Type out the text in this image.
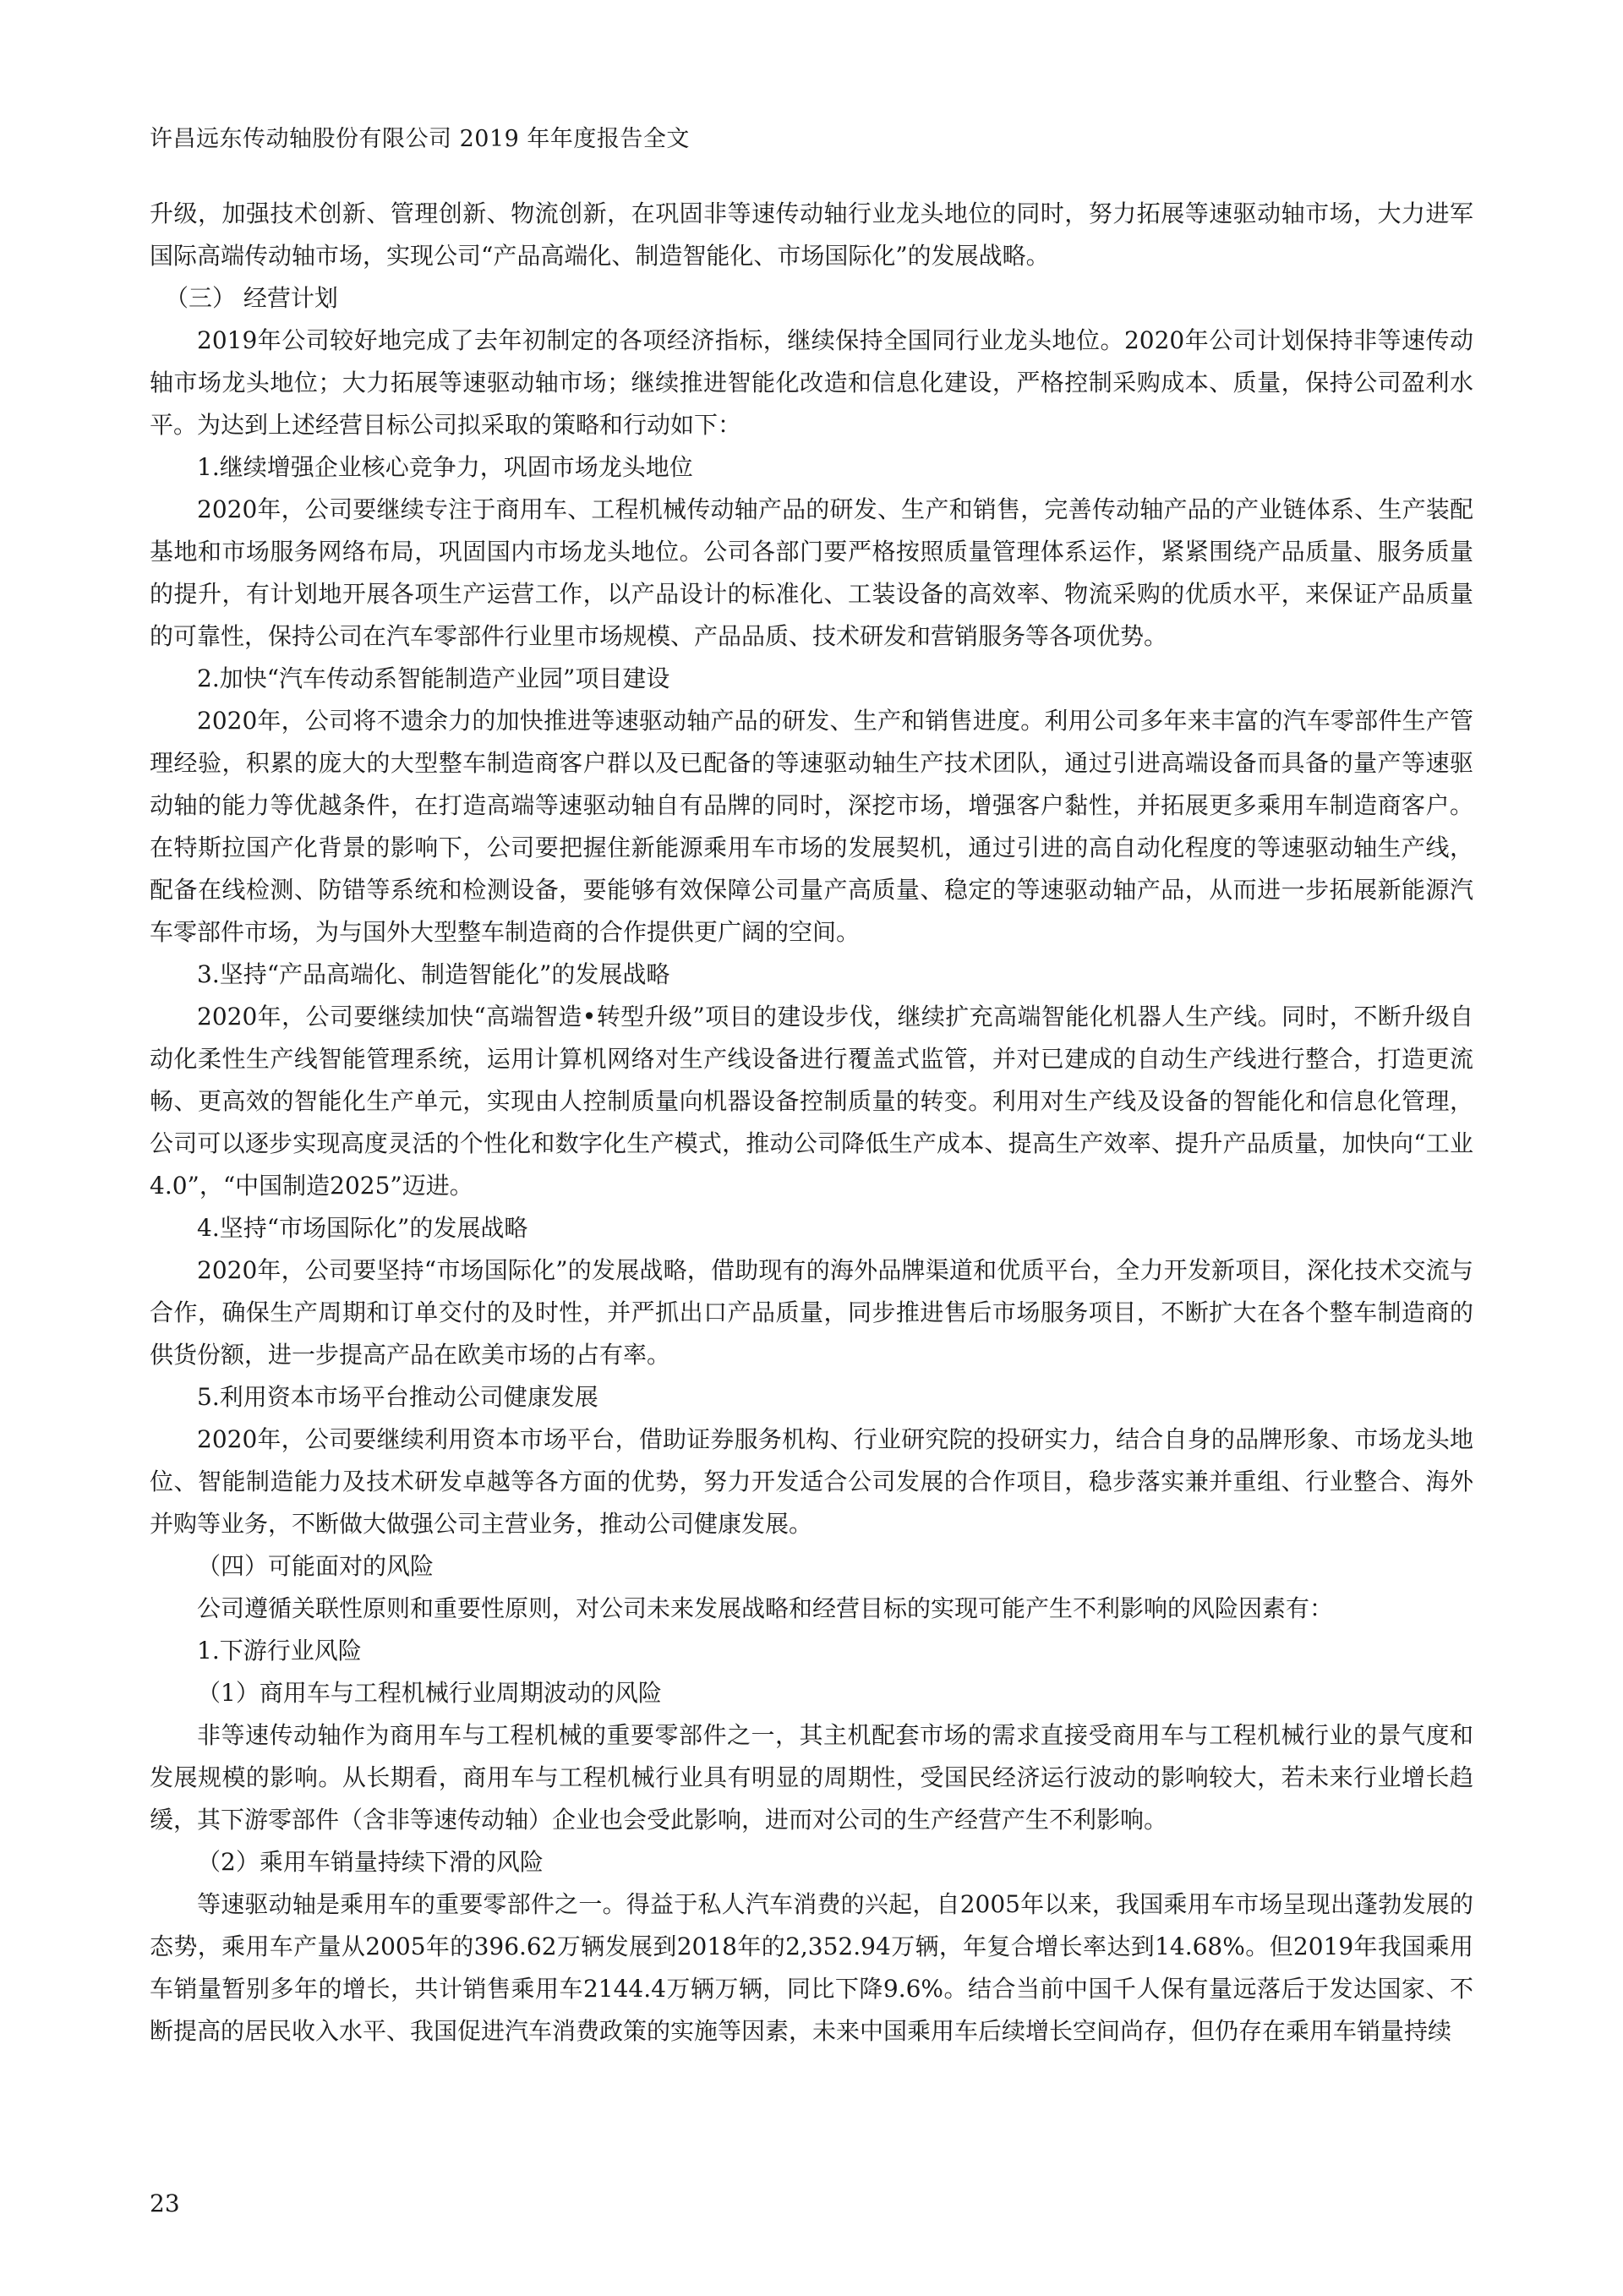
许昌远东传动轴股份有限公司 2019 年年度报告全文

升级，加强技术创新、管理创新、物流创新，在巩固非等速传动轴行业龙头地位的同时，努力拓展等速驱动轴市场，大力进军国际高端传动轴市场，实现公司“产品高端化、制造智能化、市场国际化”的发展战略。

（三） 经营计划

2019年公司较好地完成了去年初制定的各项经济指标，继续保持全国同行业龙头地位。2020年公司计划保持非等速传动轴市场龙头地位；大力拓展等速驱动轴市场；继续推进智能化改造和信息化建设，严格控制采购成本、质量，保持公司盈利水平。为达到上述经营目标公司拟采取的策略和行动如下：

1.继续增强企业核心竞争力，巩固市场龙头地位

2020年，公司要继续专注于商用车、工程机械传动轴产品的研发、生产和销售，完善传动轴产品的产业链体系、生产装配基地和市场服务网络布局，巩固国内市场龙头地位。公司各部门要严格按照质量管理体系运作，紧紧围绕产品质量、服务质量的提升，有计划地开展各项生产运营工作，以产品设计的标准化、工装设备的高效率、物流采购的优质水平，来保证产品质量的可靠性，保持公司在汽车零部件行业里市场规模、产品品质、技术研发和营销服务等各项优势。

2.加快“汽车传动系智能制造产业园”项目建设

2020年，公司将不遗余力的加快推进等速驱动轴产品的研发、生产和销售进度。利用公司多年来丰富的汽车零部件生产管理经验，积累的庞大的大型整车制造商客户群以及已配备的等速驱动轴生产技术团队，通过引进高端设备而具备的量产等速驱动轴的能力等优越条件，在打造高端等速驱动轴自有品牌的同时，深挖市场，增强客户黏性，并拓展更多乘用车制造商客户。在特斯拉国产化背景的影响下，公司要把握住新能源乘用车市场的发展契机，通过引进的高自动化程度的等速驱动轴生产线，配备在线检测、防错等系统和检测设备，要能够有效保障公司量产高质量、稳定的等速驱动轴产品，从而进一步拓展新能源汽车零部件市场，为与国外大型整车制造商的合作提供更广阔的空间。

3.坚持“产品高端化、制造智能化”的发展战略

2020年，公司要继续加快“高端智造•转型升级”项目的建设步伐，继续扩充高端智能化机器人生产线。同时，不断升级自动化柔性生产线智能管理系统，运用计算机网络对生产线设备进行覆盖式监管，并对已建成的自动生产线进行整合，打造更流畅、更高效的智能化生产单元，实现由人控制质量向机器设备控制质量的转变。利用对生产线及设备的智能化和信息化管理，公司可以逐步实现高度灵活的个性化和数字化生产模式，推动公司降低生产成本、提高生产效率、提升产品质量，加快向“工业4.0”，“中国制造2025”迈进。

4.坚持“市场国际化”的发展战略

2020年，公司要坚持“市场国际化”的发展战略，借助现有的海外品牌渠道和优质平台，全力开发新项目，深化技术交流与合作，确保生产周期和订单交付的及时性，并严抓出口产品质量，同步推进售后市场服务项目，不断扩大在各个整车制造商的供货份额，进一步提高产品在欧美市场的占有率。

5.利用资本市场平台推动公司健康发展

2020年，公司要继续利用资本市场平台，借助证券服务机构、行业研究院的投研实力，结合自身的品牌形象、市场龙头地位、智能制造能力及技术研发卓越等各方面的优势，努力开发适合公司发展的合作项目，稳步落实兼并重组、行业整合、海外并购等业务，不断做大做强公司主营业务，推动公司健康发展。

（四）可能面对的风险

公司遵循关联性原则和重要性原则，对公司未来发展战略和经营目标的实现可能产生不利影响的风险因素有：

1.下游行业风险

（1）商用车与工程机械行业周期波动的风险

非等速传动轴作为商用车与工程机械的重要零部件之一，其主机配套市场的需求直接受商用车与工程机械行业的景气度和发展规模的影响。从长期看，商用车与工程机械行业具有明显的周期性，受国民经济运行波动的影响较大，若未来行业增长趋缓，其下游零部件（含非等速传动轴）企业也会受此影响，进而对公司的生产经营产生不利影响。

（2）乘用车销量持续下滑的风险

等速驱动轴是乘用车的重要零部件之一。得益于私人汽车消费的兴起，自2005年以来，我国乘用车市场呈现出蓬勃发展的态势，乘用车产量从2005年的396.62万辆发展到2018年的2,352.94万辆，年复合增长率达到14.68%。但2019年我国乘用车销量暂别多年的增长，共计销售乘用车2144.4万辆万辆，同比下降9.6%。结合当前中国千人保有量远落后于发达国家、不断提高的居民收入水平、我国促进汽车消费政策的实施等因素，未来中国乘用车后续增长空间尚存，但仍存在乘用车销量持续

23
